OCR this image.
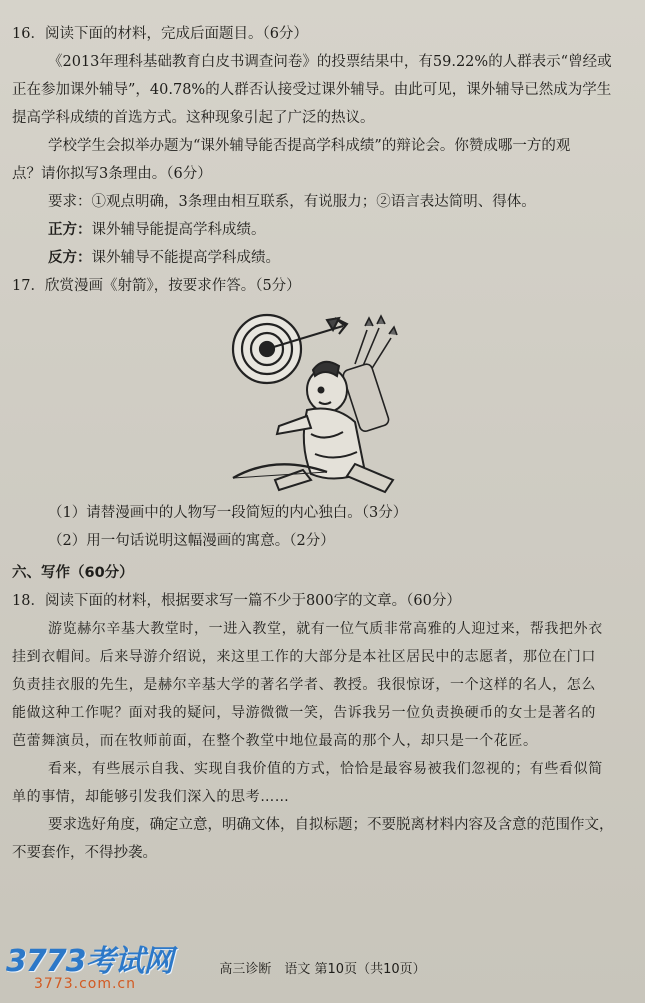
16．阅读下面的材料，完成后面题目。（6分）

《2013年理科基础教育白皮书调查问卷》的投票结果中，有59.22%的人群表示“曾经或

正在参加课外辅导”，40.78%的人群否认接受过课外辅导。由此可见，课外辅导已然成为学生

提高学科成绩的首选方式。这种现象引起了广泛的热议。

学校学生会拟举办题为“课外辅导能否提高学科成绩”的辩论会。你赞成哪一方的观

点？请你拟写3条理由。（6分）

要求：①观点明确，3条理由相互联系，有说服力；②语言表达简明、得体。

正方：课外辅导能提高学科成绩。

反方：课外辅导不能提高学科成绩。

17．欣赏漫画《射箭》，按要求作答。（5分）

（1）请替漫画中的人物写一段简短的内心独白。（3分）

（2）用一句话说明这幅漫画的寓意。（2分）

六、写作（60分）

18．阅读下面的材料，根据要求写一篇不少于800字的文章。（60分）

游览赫尔辛基大教堂时，一进入教堂，就有一位气质非常高雅的人迎过来，帮我把外衣

挂到衣帽间。后来导游介绍说，来这里工作的大部分是本社区居民中的志愿者，那位在门口

负责挂衣服的先生，是赫尔辛基大学的著名学者、教授。我很惊讶，一个这样的名人，怎么

能做这种工作呢？面对我的疑问，导游微微一笑，告诉我另一位负责换硬币的女士是著名的

芭蕾舞演员，而在牧师前面，在整个教堂中地位最高的那个人，却只是一个花匠。

看来，有些展示自我、实现自我价值的方式，恰恰是最容易被我们忽视的；有些看似简

单的事情，却能够引发我们深入的思考……

要求选好角度，确定立意，明确文体，自拟标题；不要脱离材料内容及含意的范围作文，

不要套作，不得抄袭。

高三诊断　语文 第10页（共10页）
3773考试网
3773.com.cn
